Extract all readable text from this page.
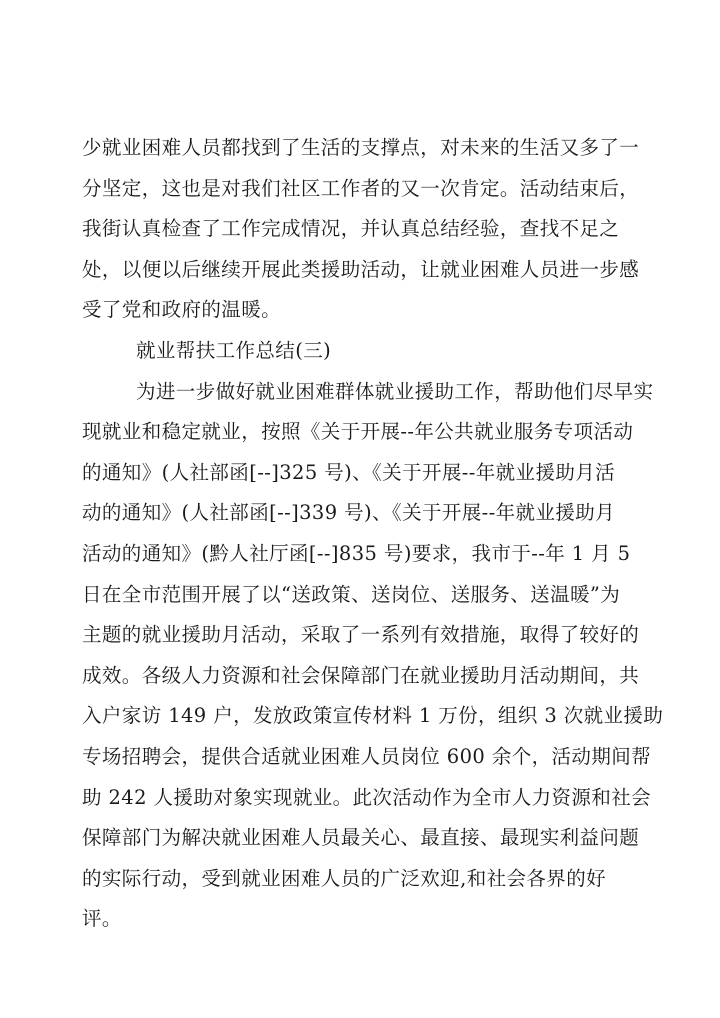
少就业困难人员都找到了生活的支撑点，对未来的生活又多了一
分坚定，这也是对我们社区工作者的又一次肯定。活动结束后，
我街认真检查了工作完成情况，并认真总结经验，查找不足之
处，以便以后继续开展此类援助活动，让就业困难人员进一步感
受了党和政府的温暖。
就业帮扶工作总结(三)
为进一步做好就业困难群体就业援助工作，帮助他们尽早实
现就业和稳定就业，按照《关于开展--年公共就业服务专项活动
的通知》(人社部函[--]325 号)、《关于开展--年就业援助月活
动的通知》(人社部函[--]339 号)、《关于开展--年就业援助月
活动的通知》(黔人社厅函[--]835 号)要求，我市于--年 1 月 5
日在全市范围开展了以“送政策、送岗位、送服务、送温暖”为
主题的就业援助月活动，采取了一系列有效措施，取得了较好的
成效。各级人力资源和社会保障部门在就业援助月活动期间，共
入户家访 149 户，发放政策宣传材料 1 万份，组织 3 次就业援助
专场招聘会，提供合适就业困难人员岗位 600 余个，活动期间帮
助 242 人援助对象实现就业。此次活动作为全市人力资源和社会
保障部门为解决就业困难人员最关心、最直接、最现实利益问题
的实际行动，受到就业困难人员的广泛欢迎,和社会各界的好
评。
